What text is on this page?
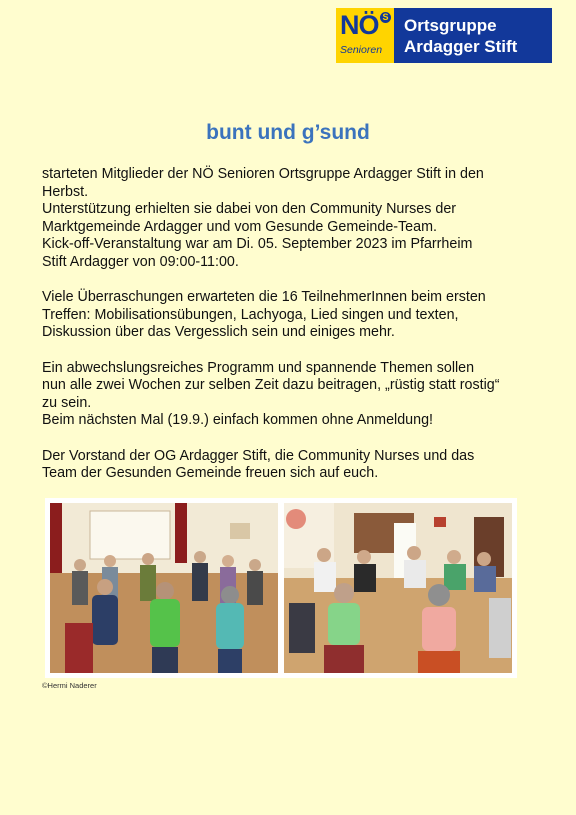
NÖ S
Senioren
Ortsgruppe
Ardagger Stift
bunt und g’sund

starteten Mitglieder der NÖ Senioren Ortsgruppe Ardagger Stift in den
Herbst.
Unterstützung erhielten sie dabei von den Community Nurses der
Marktgemeinde Ardagger und vom Gesunde Gemeinde-Team.
Kick-off-Veranstaltung war am Di. 05. September 2023 im Pfarrheim
Stift Ardagger von 09:00-11:00.

Viele Überraschungen erwarteten die 16 TeilnehmerInnen beim ersten
Treffen: Mobilisationsübungen, Lachyoga, Lied singen und texten,
Diskussion über das Vergesslich sein und einiges mehr.

Ein abwechslungsreiches Programm und spannende Themen sollen
nun alle zwei Wochen zur selben Zeit dazu beitragen, „rüstig statt rostig“
zu sein.
Beim nächsten Mal (19.9.) einfach kommen ohne Anmeldung!

Der Vorstand der OG Ardagger Stift, die Community Nurses und das
Team der Gesunden Gemeinde freuen sich auf euch.

©Hermi Naderer
